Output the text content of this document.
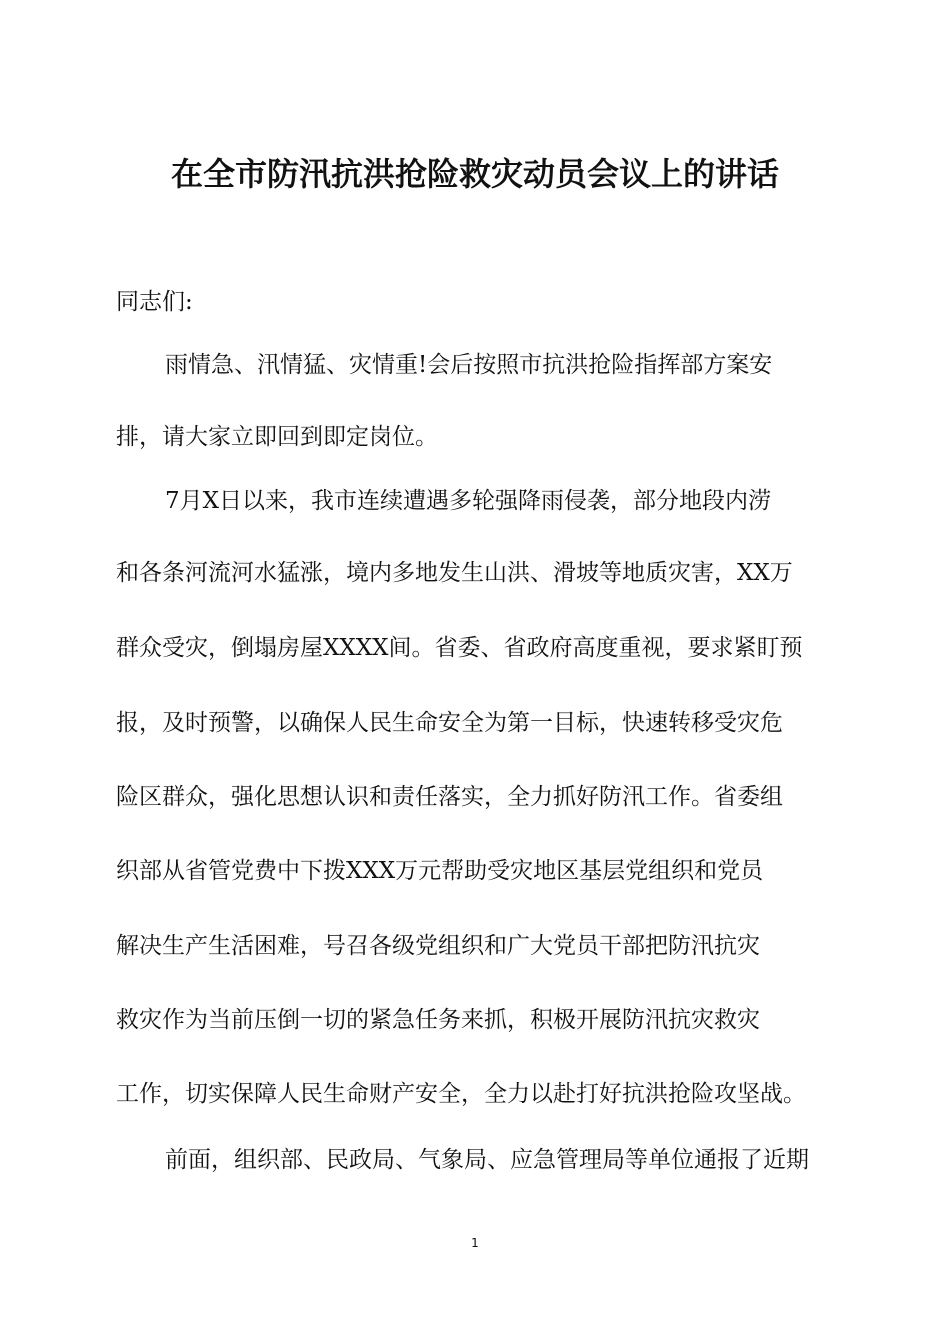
在全市防汛抗洪抢险救灾动员会议上的讲话
同志们:
雨情急、汛情猛、灾情重!会后按照市抗洪抢险指挥部方案安
排，请大家立即回到即定岗位。
7月X日以来，我市连续遭遇多轮强降雨侵袭，部分地段内涝
和各条河流河水猛涨，境内多地发生山洪、滑坡等地质灾害，XX万
群众受灾，倒塌房屋XXXX间。省委、省政府高度重视，要求紧盯预
报，及时预警，以确保人民生命安全为第一目标，快速转移受灾危
险区群众，强化思想认识和责任落实，全力抓好防汛工作。省委组
织部从省管党费中下拨XXX万元帮助受灾地区基层党组织和党员
解决生产生活困难，号召各级党组织和广大党员干部把防汛抗灾
救灾作为当前压倒一切的紧急任务来抓，积极开展防汛抗灾救灾
工作，切实保障人民生命财产安全，全力以赴打好抗洪抢险攻坚战。
前面，组织部、民政局、气象局、应急管理局等单位通报了近期
1
